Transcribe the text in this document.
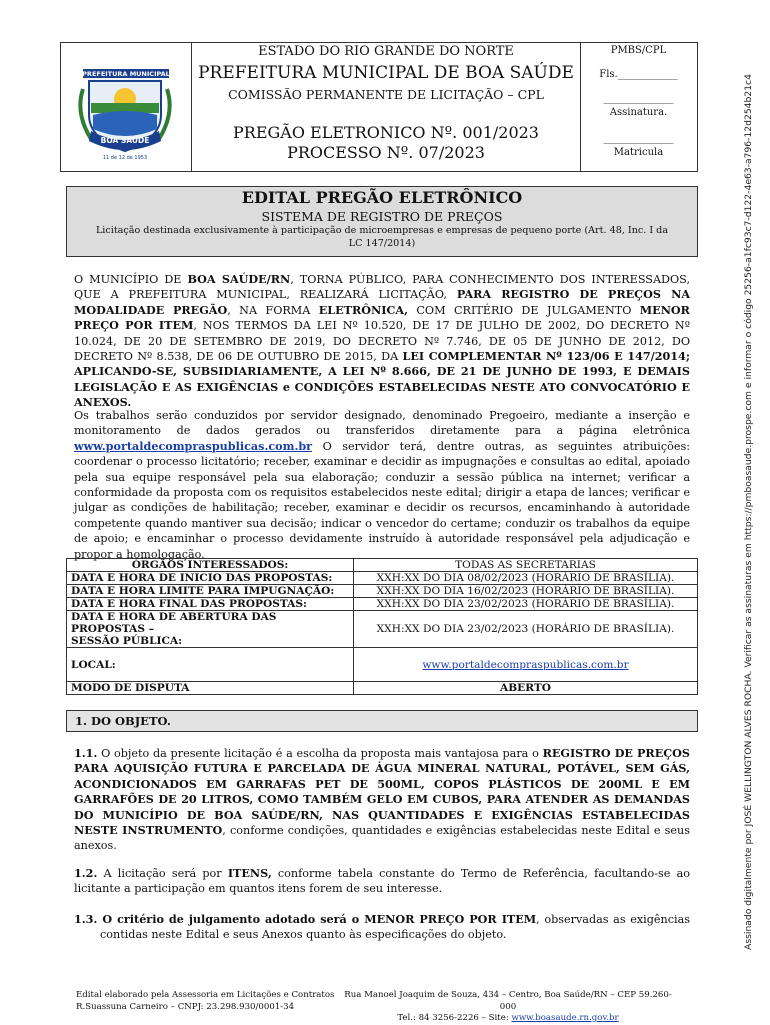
PREFEITURA MUNICIPAL
BOA SAÚDE
11 de 12 de 1953
ESTADO DO RIO GRANDE DO NORTE
PREFEITURA MUNICIPAL DE BOA SAÚDE
COMISSÃO PERMANENTE DE LICITAÇÃO – CPL
PREGÃO ELETRONICO Nº. 001/2023
PROCESSO Nº. 07/2023
PMBS/CPL
Fls.____________
______________
Assinatura.
______________
Matricula
EDITAL PREGÃO ELETRÔNICO
SISTEMA DE REGISTRO DE PREÇOS
Licitação destinada exclusivamente à participação de microempresas e empresas de pequeno porte (Art. 48, Inc. I da
LC 147/2014)

O MUNICÍPIO DE BOA SAÚDE/RN, TORNA PÚBLICO, PARA CONHECIMENTO DOS INTERESSADOS, QUE A PREFEITURA MUNICIPAL, REALIZARÁ LICITAÇÃO, PARA REGISTRO DE PREÇOS NA MODALIDADE PREGÃO, NA FORMA ELETRÔNICA, COM CRITÉRIO DE JULGAMENTO MENOR PREÇO POR ITEM, NOS TERMOS DA LEI Nº 10.520, DE 17 DE JULHO DE 2002, DO DECRETO Nº 10.024, DE 20 DE SETEMBRO DE 2019, DO DECRETO Nº 7.746, DE 05 DE JUNHO DE 2012, DO DECRETO Nº 8.538, DE 06 DE OUTUBRO DE 2015, DA LEI COMPLEMENTAR Nº 123/06 E 147/2014; APLICANDO-SE, SUBSIDIARIAMENTE, A LEI Nº 8.666, DE 21 DE JUNHO DE 1993, E DEMAIS LEGISLAÇÃO E AS EXIGÊNCIAS e CONDIÇÕES ESTABELECIDAS NESTE ATO CONVOCATÓRIO E ANEXOS.

Os trabalhos serão conduzidos por servidor designado, denominado Pregoeiro, mediante a inserção e monitoramento de dados gerados ou transferidos diretamente para a página eletrônica www.portaldecompraspublicas.com.br O servidor terá, dentre outras, as seguintes atribuições: coordenar o processo licitatório; receber, examinar e decidir as impugnações e consultas ao edital, apoiado pela sua equipe responsável pela sua elaboração; conduzir a sessão pública na internet; verificar a conformidade da proposta com os requisitos estabelecidos neste edital; dirigir a etapa de lances; verificar e julgar as condições de habilitação; receber, examinar e decidir os recursos, encaminhando à autoridade competente quando mantiver sua decisão; indicar o vencedor do certame; conduzir os trabalhos da equipe de apoio; e encaminhar o processo devidamente instruído à autoridade responsável pela adjudicação e propor a homologação.

ÓRGÃOS INTERESSADOS:	TODAS AS SECRETARIAS
DATA E HORA DE INICIO DAS PROPOSTAS:	XXH:XX DO DIA 08/02/2023 (HORÁRIO DE BRASÍLIA).
DATA E HORA LIMITE PARA IMPUGNAÇÃO:	XXH:XX DO DIA 16/02/2023 (HORÁRIO DE BRASÍLIA).
DATA E HORA FINAL DAS PROPOSTAS:	XXH:XX DO DIA 23/02/2023 (HORÁRIO DE BRASÍLIA).

DATA E HORA DE ABERTURA DAS PROPOSTAS –
SESSÃO PÚBLICA:	XXH:XX DO DIA 23/02/2023 (HORÁRIO DE BRASÍLIA).
LOCAL:	www.portaldecompraspublicas.com.br
MODO DE DISPUTA	ABERTO
1. DO OBJETO.

1.1. O objeto da presente licitação é a escolha da proposta mais vantajosa para o REGISTRO DE PREÇOS PARA AQUISIÇÃO FUTURA E PARCELADA DE ÁGUA MINERAL NATURAL, POTÁVEL, SEM GÁS, ACONDICIONADOS EM GARRAFAS PET DE 500ML, COPOS PLÁSTICOS DE 200ML E EM GARRAFÕES DE 20 LITROS, COMO TAMBÉM GELO EM CUBOS, PARA ATENDER AS DEMANDAS DO MUNICÍPIO DE BOA SAÚDE/RN, NAS QUANTIDADES E EXIGÊNCIAS ESTABELECIDAS NESTE INSTRUMENTO, conforme condições, quantidades e exigências estabelecidas neste Edital e seus anexos.

1.2. A licitação será por ITENS, conforme tabela constante do Termo de Referência, facultando-se ao licitante a participação em quantos itens forem de seu interesse.

1.3. O critério de julgamento adotado será o MENOR PREÇO POR ITEM, observadas as exigências contidas neste Edital e seus Anexos quanto às especificações do objeto.

Edital elaborado pela Assessoria em Licitações e Contratos
R.Suassuna Carneiro – CNPJ: 23.298.930/0001-34
Rua Manoel Joaquim de Souza, 434 – Centro, Boa Saúde/RN – CEP 59.260-000
Tel.: 84 3256-2226 – Site: www.boasaude.rn.gov.br
Assinado digitalmente por JOSÉ WELLINGTON ALVES ROCHA. Verificar as assinaturas em https://pmboasaude.prospe.com e informar o código 25256-a1fc93c7-d122-4e63-a796-12d254b21c4
